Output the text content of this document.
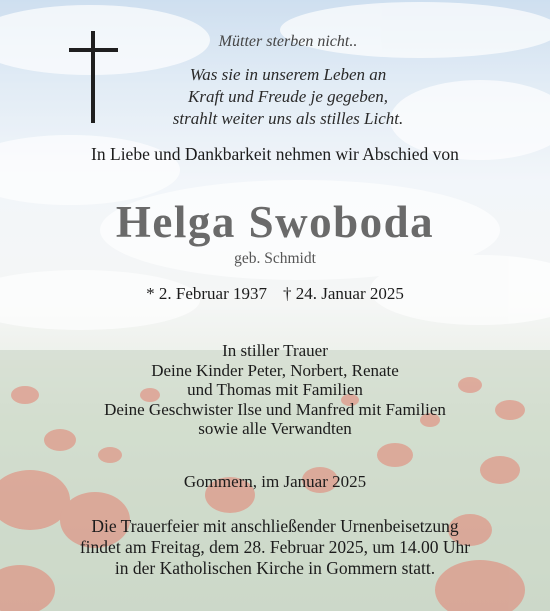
Mütter sterben nicht..
Was sie in unserem Leben an
Kraft und Freude je gegeben,
strahlt weiter uns als stilles Licht.
In Liebe und Dankbarkeit nehmen wir Abschied von
Helga Swoboda
geb. Schmidt
* 2. Februar 1937 † 24. Januar 2025
In stiller Trauer
Deine Kinder Peter, Norbert, Renate
und Thomas mit Familien
Deine Geschwister Ilse und Manfred mit Familien
sowie alle Verwandten
Gommern, im Januar 2025
Die Trauerfeier mit anschließender Urnenbeisetzung
findet am Freitag, dem 28. Februar 2025, um 14.00 Uhr
in der Katholischen Kirche in Gommern statt.
